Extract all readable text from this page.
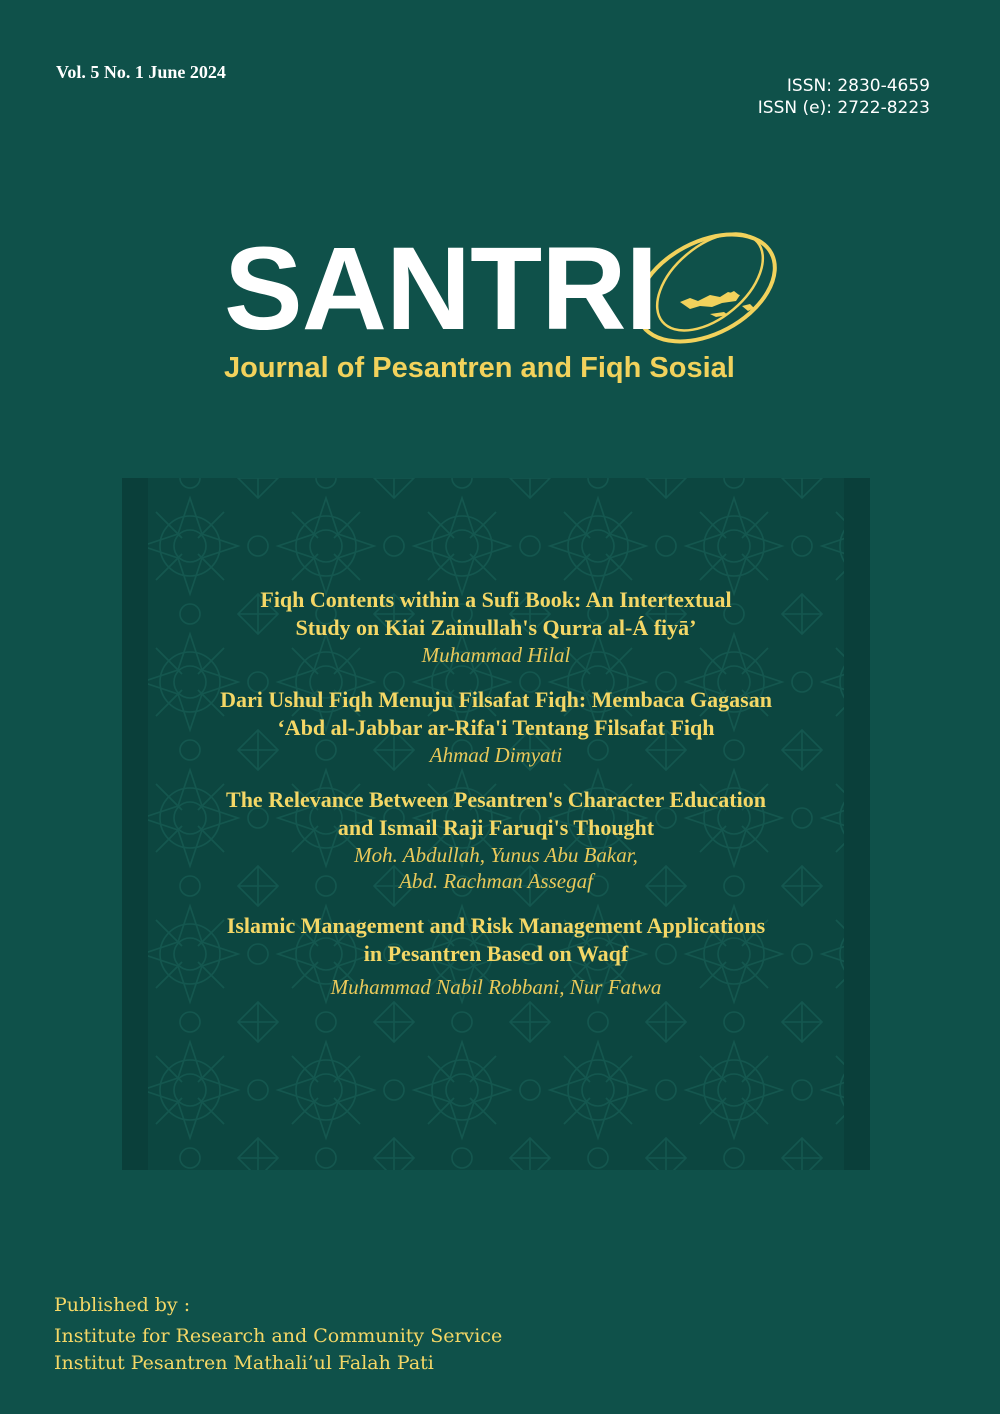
Vol. 5 No. 1 June 2024
ISSN: 2830-4659
ISSN (e): 2722-8223
SANTRI
Journal of Pesantren and Fiqh Sosial
Fiqh Contents within a Sufi Book: An Intertextual
Study on Kiai Zainullah's Qurra al-Á fiyā’
Muhammad Hilal
Dari Ushul Fiqh Menuju Filsafat Fiqh: Membaca Gagasan
‘Abd al-Jabbar ar-Rifa'i Tentang Filsafat Fiqh
Ahmad Dimyati
The Relevance Between Pesantren's Character Education
and Ismail Raji Faruqi's Thought
Moh. Abdullah, Yunus Abu Bakar,
Abd. Rachman Assegaf
Islamic Management and Risk Management Applications
in Pesantren Based on Waqf
Muhammad Nabil Robbani, Nur Fatwa
Published by :
Institute for Research and Community Service
Institut Pesantren Mathali’ul Falah Pati
